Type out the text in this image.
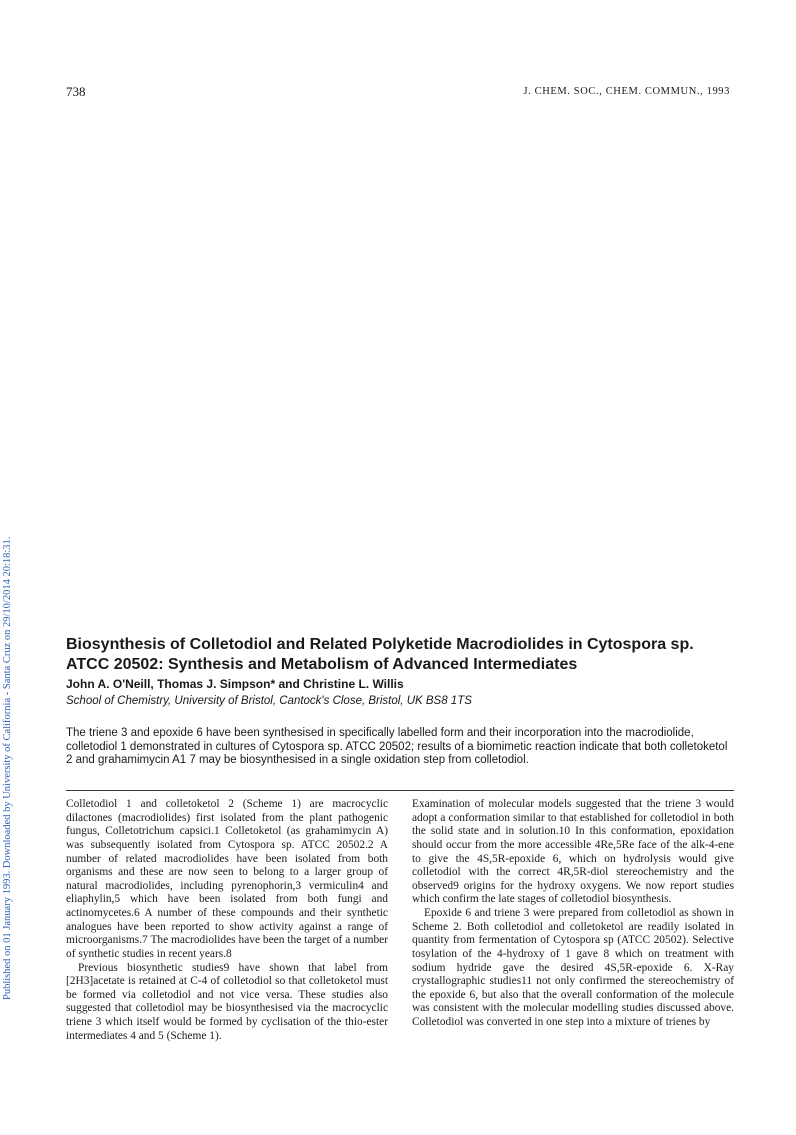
738	J. CHEM. SOC., CHEM. COMMUN., 1993
Published on 01 January 1993. Downloaded by University of California - Santa Cruz on 29/10/2014 20:18:31.	Biosynthesis of Colletodiol and Related Polyketide Macrodiolides in Cytospora sp. ATCC 20502: Synthesis and Metabolism of Advanced Intermediates
John A. O'Neill, Thomas J. Simpson* and Christine L. Willis
School of Chemistry, University of Bristol, Cantock's Close, Bristol, UK BS8 1TS

The triene 3 and epoxide 6 have been synthesised in specifically labelled form and their incorporation into the macrodiolide, colletodiol 1 demonstrated in cultures of Cytospora sp. ATCC 20502; results of a biomimetic reaction indicate that both colletoketol 2 and grahamimycin A1 7 may be biosynthesised in a single oxidation step from colletodiol.

Colletodiol 1 and colletoketol 2 (Scheme 1) are macrocyclic dilactones (macrodiolides) first isolated from the plant pathogenic fungus, Colletotrichum capsici.1 Colletoketol (as grahamimycin A) was subsequently isolated from Cytospora sp. ATCC 20502.2 A number of related macrodiolides have been isolated from both organisms and these are now seen to belong to a larger group of natural macrodiolides, including pyrenophorin,3 vermiculin4 and eliaphylin,5 which have been isolated from both fungi and actinomycetes.6 A number of these compounds and their synthetic analogues have been reported to show activity against a range of microorganisms.7 The macrodiolides have been the target of a number of synthetic studies in recent years.8

Previous biosynthetic studies9 have shown that label from [2H3]acetate is retained at C-4 of colletodiol so that colletoketol must be formed via colletodiol and not vice versa. These studies also suggested that colletodiol may be biosynthesised via the macrocyclic triene 3 which itself would be formed by cyclisation of the thio-ester intermediates 4 and 5 (Scheme 1).

Examination of molecular models suggested that the triene 3 would adopt a conformation similar to that established for colletodiol in both the solid state and in solution.10 In this conformation, epoxidation should occur from the more accessible 4Re,5Re face of the alk-4-ene to give the 4S,5R-epoxide 6, which on hydrolysis would give colletodiol with the correct 4R,5R-diol stereochemistry and the observed9 origins for the hydroxy oxygens. We now report studies which confirm the late stages of colletodiol biosynthesis.

Epoxide 6 and triene 3 were prepared from colletodiol as shown in Scheme 2. Both colletodiol and colletoketol are readily isolated in quantity from fermentation of Cytospora sp (ATCC 20502). Selective tosylation of the 4-hydroxy of 1 gave 8 which on treatment with sodium hydride gave the desired 4S,5R-epoxide 6. X-Ray crystallographic studies11 not only confirmed the stereochemistry of the epoxide 6, but also that the overall conformation of the molecule was consistent with the molecular modelling studies discussed above. Colletodiol was converted in one step into a mixture of trienes by
